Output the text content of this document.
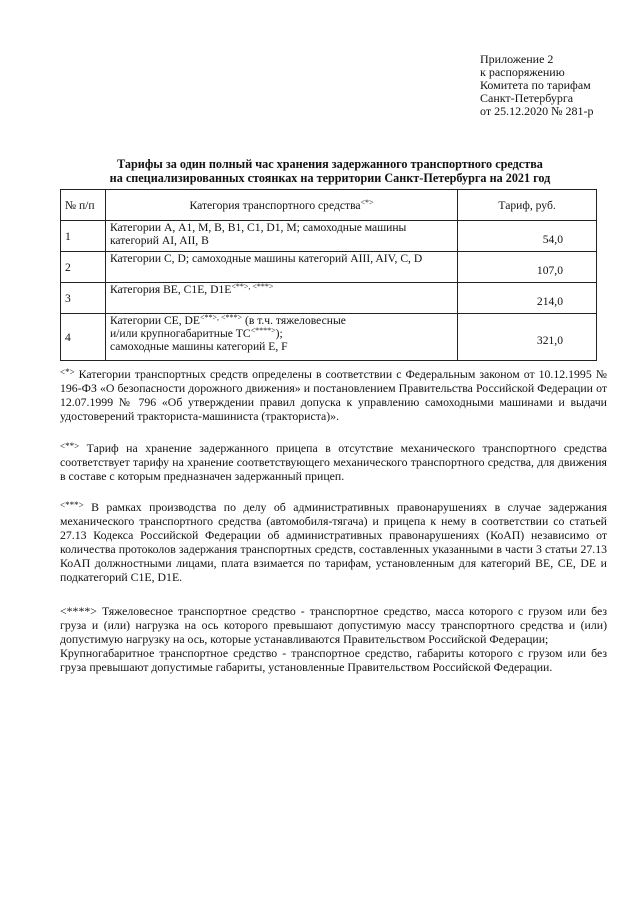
Приложение 2
к распоряжению
Комитета по тарифам
Санкт-Петербурга
от 25.12.2020 № 281-р
Тарифы за один полный час хранения задержанного транспортного средства
на специализированных стоянках на территории Санкт-Петербурга на 2021 год
№ п/п	Категория транспортного средства<*>	Тариф, руб.
1	Категории А, А1, М, В, В1, С1, D1, М; самоходные машины
категорий AI, AII, В	54,0
2	Категории С, D; самоходные машины категорий AIII, AIV, С, D	107,0
3	Категория ВЕ, С1Е, D1Е<**>, <***>	214,0
4	Категории СЕ, DЕ<**>, <***> (в т.ч. тяжеловесные
и/или крупногабаритные ТС<****>);
самоходные машины категорий Е, F	321,0

<*> Категории транспортных средств определены в соответствии с Федеральным законом от 10.12.1995 № 196-ФЗ «О безопасности дорожного движения» и постановлением Правительства Российской Федерации от 12.07.1999 № 796 «Об утверждении правил допуска к управлению самоходными машинами и выдачи удостоверений тракториста-машиниста (тракториста)».

<**> Тариф на хранение задержанного прицепа в отсутствие механического транспортного средства соответствует тарифу на хранение соответствующего механического транспортного средства, для движения в составе с которым предназначен задержанный прицеп.

<***> В рамках производства по делу об административных правонарушениях в случае задержания механического транспортного средства (автомобиля-тягача) и прицепа к нему в соответствии со статьей 27.13 Кодекса Российской Федерации об административных правонарушениях (КоАП) независимо от количества протоколов задержания транспортных средств, составленных указанными в части 3 статьи 27.13 КоАП должностными лицами, плата взимается по тарифам, установленным для категорий ВЕ, СЕ, DЕ и подкатегорий С1Е, D1Е.

<****> Тяжеловесное транспортное средство - транспортное средство, масса которого с грузом или без груза и (или) нагрузка на ось которого превышают допустимую массу транспортного средства и (или) допустимую нагрузку на ось, которые устанавливаются Правительством Российской Федерации;

Крупногабаритное транспортное средство - транспортное средство, габариты которого с грузом или без груза превышают допустимые габариты, установленные Правительством Российской Федерации.
